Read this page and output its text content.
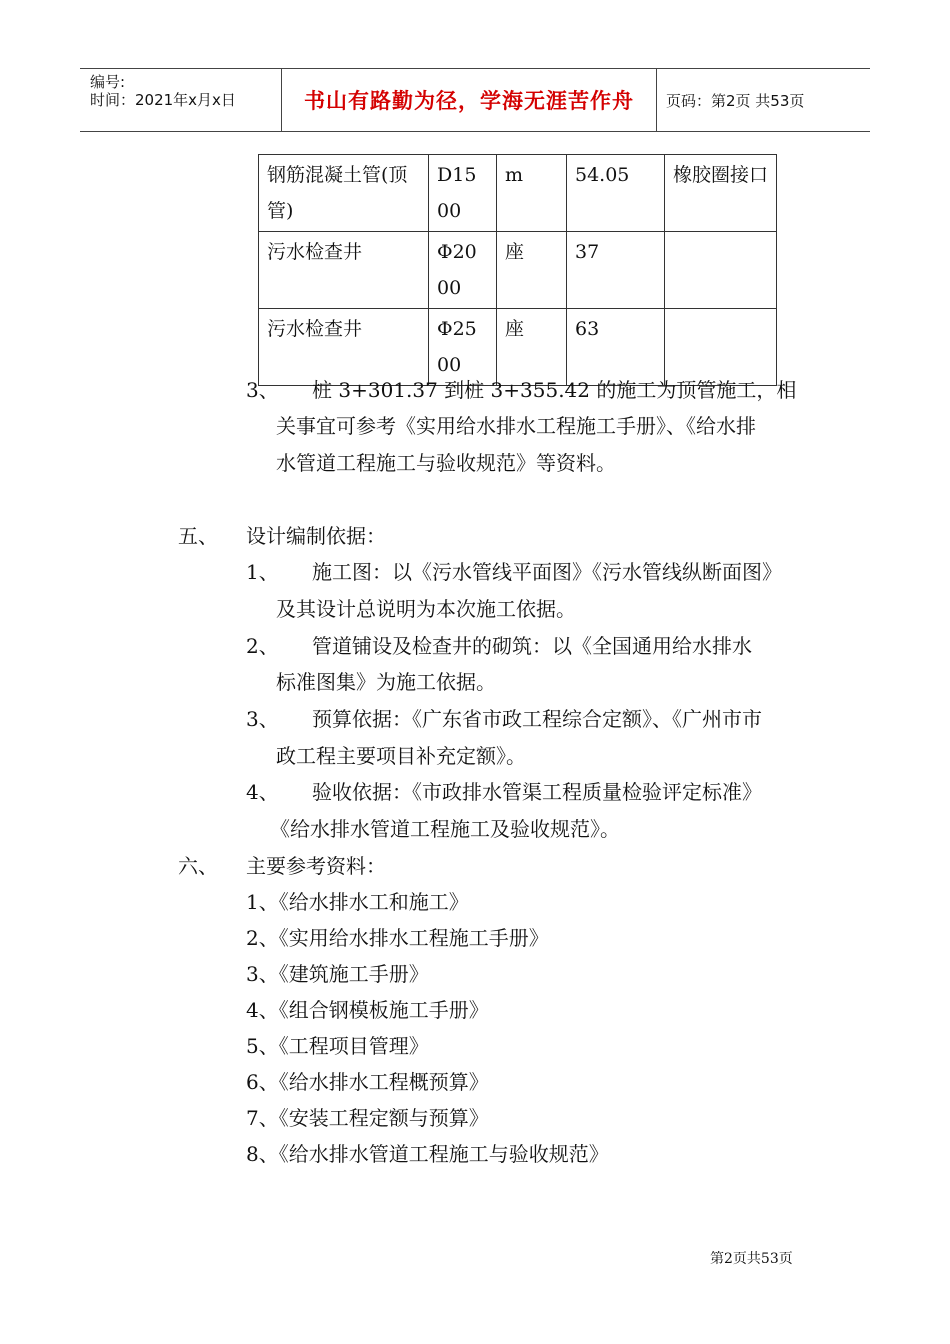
编号:
时间：2021年x月x日	书山有路勤为径，学海无涯苦作舟	页码：第2页 共53页
钢筋混凝土管(顶管)	D1500	m	54.05	橡胶圈接口
污水检查井	Φ2000	座	37	
污水检查井	Φ2500	座	63	
3、 桩 3+301.37 到桩 3+355.42 的施工为顶管施工，相
关事宜可参考《实用给水排水工程施工手册》、《给水排
水管道工程施工与验收规范》等资料。
五、 设计编制依据：
1、 施工图：以《污水管线平面图》《污水管线纵断面图》
及其设计总说明为本次施工依据。
2、 管道铺设及检查井的砌筑：以《全国通用给水排水
标准图集》为施工依据。
3、 预算依据：《广东省市政工程综合定额》、《广州市市
政工程主要项目补充定额》。
4、 验收依据：《市政排水管渠工程质量检验评定标准》
《给水排水管道工程施工及验收规范》。
六、 主要参考资料：
1、《给水排水工和施工》
2、《实用给水排水工程施工手册》
3、《建筑施工手册》
4、《组合钢模板施工手册》
5、《工程项目管理》
6、《给水排水工程概预算》
7、《安装工程定额与预算》
8、《给水排水管道工程施工与验收规范》
第2页共53页
